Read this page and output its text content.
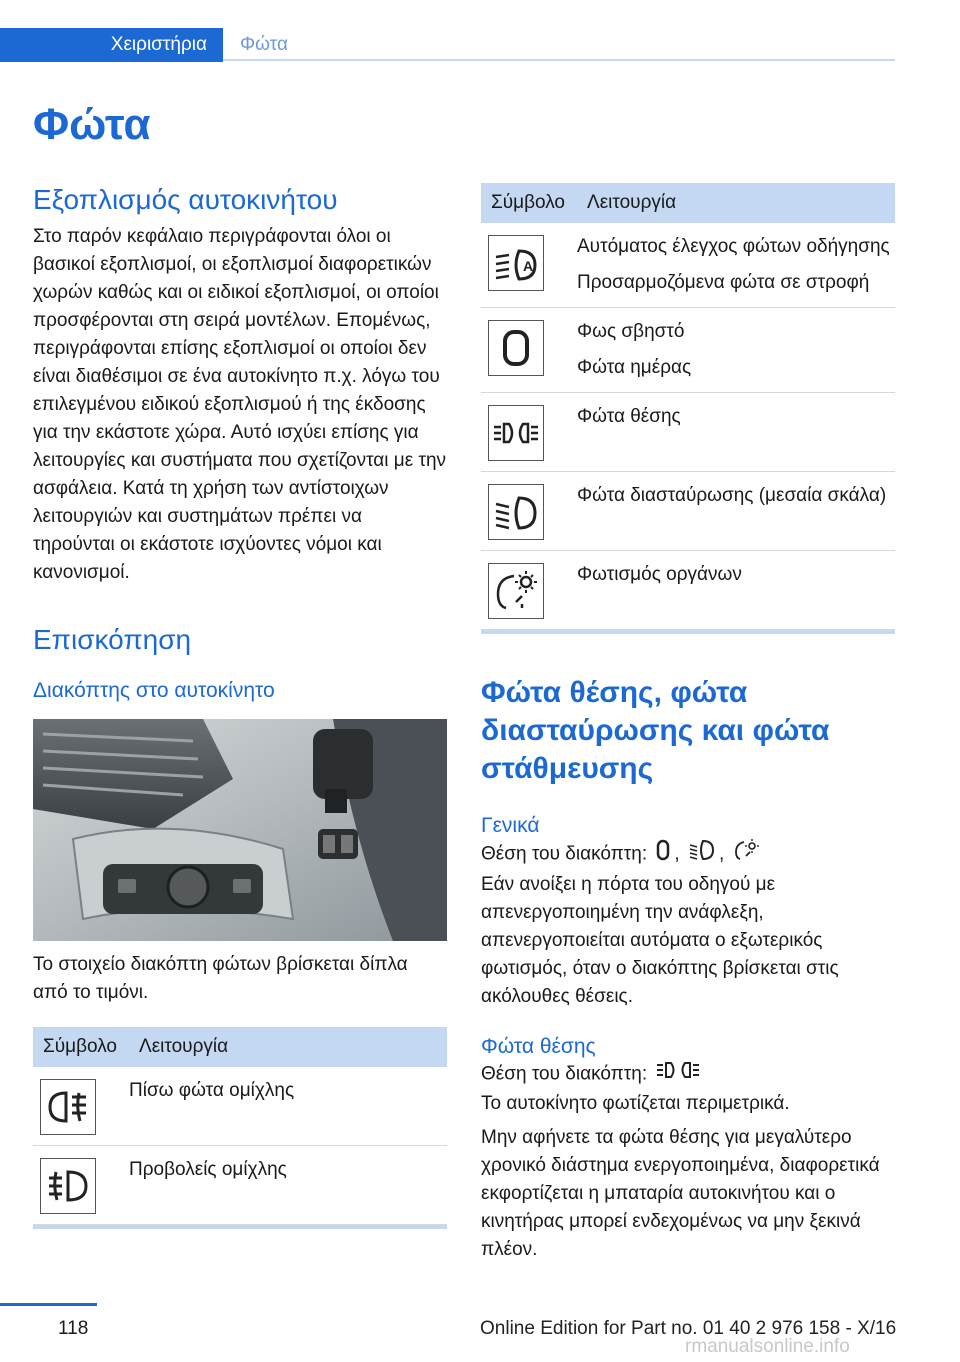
Χειριστήρια	Φώτα
Φώτα
Εξοπλισμός αυτοκινήτου

Στο παρόν κεφάλαιο περιγράφονται όλοι οι βασικοί εξοπλισμοί, οι εξοπλισμοί διαφορετικών χωρών καθώς και οι ειδικοί εξοπλισμοί, οι οποίοι προσφέρονται στη σειρά μοντέλων. Επομένως, περιγράφονται επίσης εξοπλισμοί οι οποίοι δεν είναι διαθέσιμοι σε ένα αυτοκίνητο π.χ. λόγω του επιλεγμένου ειδικού εξοπλισμού ή της έκδοσης για την εκάστοτε χώρα. Αυτό ισχύει επίσης για λειτουργίες και συστήματα που σχετίζονται με την ασφάλεια. Κατά τη χρήση των αντίστοιχων λειτουργιών και συστημάτων πρέπει να τηρούνται οι εκάστοτε ισχύοντες νόμοι και κανονισμοί.

Επισκόπηση
Διακόπτης στο αυτοκίνητο

Το στοιχείο διακόπτη φώτων βρίσκεται δίπλα από το τιμόνι.

Σύμβολο	Λειτουργία

Πίσω φώτα ομίχλης

Προβολείς ομίχλης
Σύμβολο	Λειτουργία

A	Αυτόματος έλεγχος φώτων οδήγησης
Προσαρμοζόμενα φώτα σε στροφή

Φως σβηστό
Φώτα ημέρας

Φώτα θέσης

Φώτα διασταύρωσης (μεσαία σκάλα)

Φωτισμός οργάνων
Φώτα θέσης, φώτα διασταύρωσης και φώτα στάθμευσης
Γενικά

Θέση του διακόπτη: , ,

Εάν ανοίξει η πόρτα του οδηγού με απενεργοποιημένη την ανάφλεξη, απενεργοποιείται αυτόματα ο εξωτερικός φωτισμός, όταν ο διακόπτης βρίσκεται στις ακόλουθες θέσεις.

Φώτα θέσης

Θέση του διακόπτη:

Το αυτοκίνητο φωτίζεται περιμετρικά.

Μην αφήνετε τα φώτα θέσης για μεγαλύτερο χρονικό διάστημα ενεργοποιημένα, διαφορετικά εκφορτίζεται η μπαταρία αυτοκινήτου και ο κινητήρας μπορεί ενδεχομένως να μην ξεκινά πλέον.

118	Online Edition for Part no. 01 40 2 976 158 - X/16
rmanualsonline.info
